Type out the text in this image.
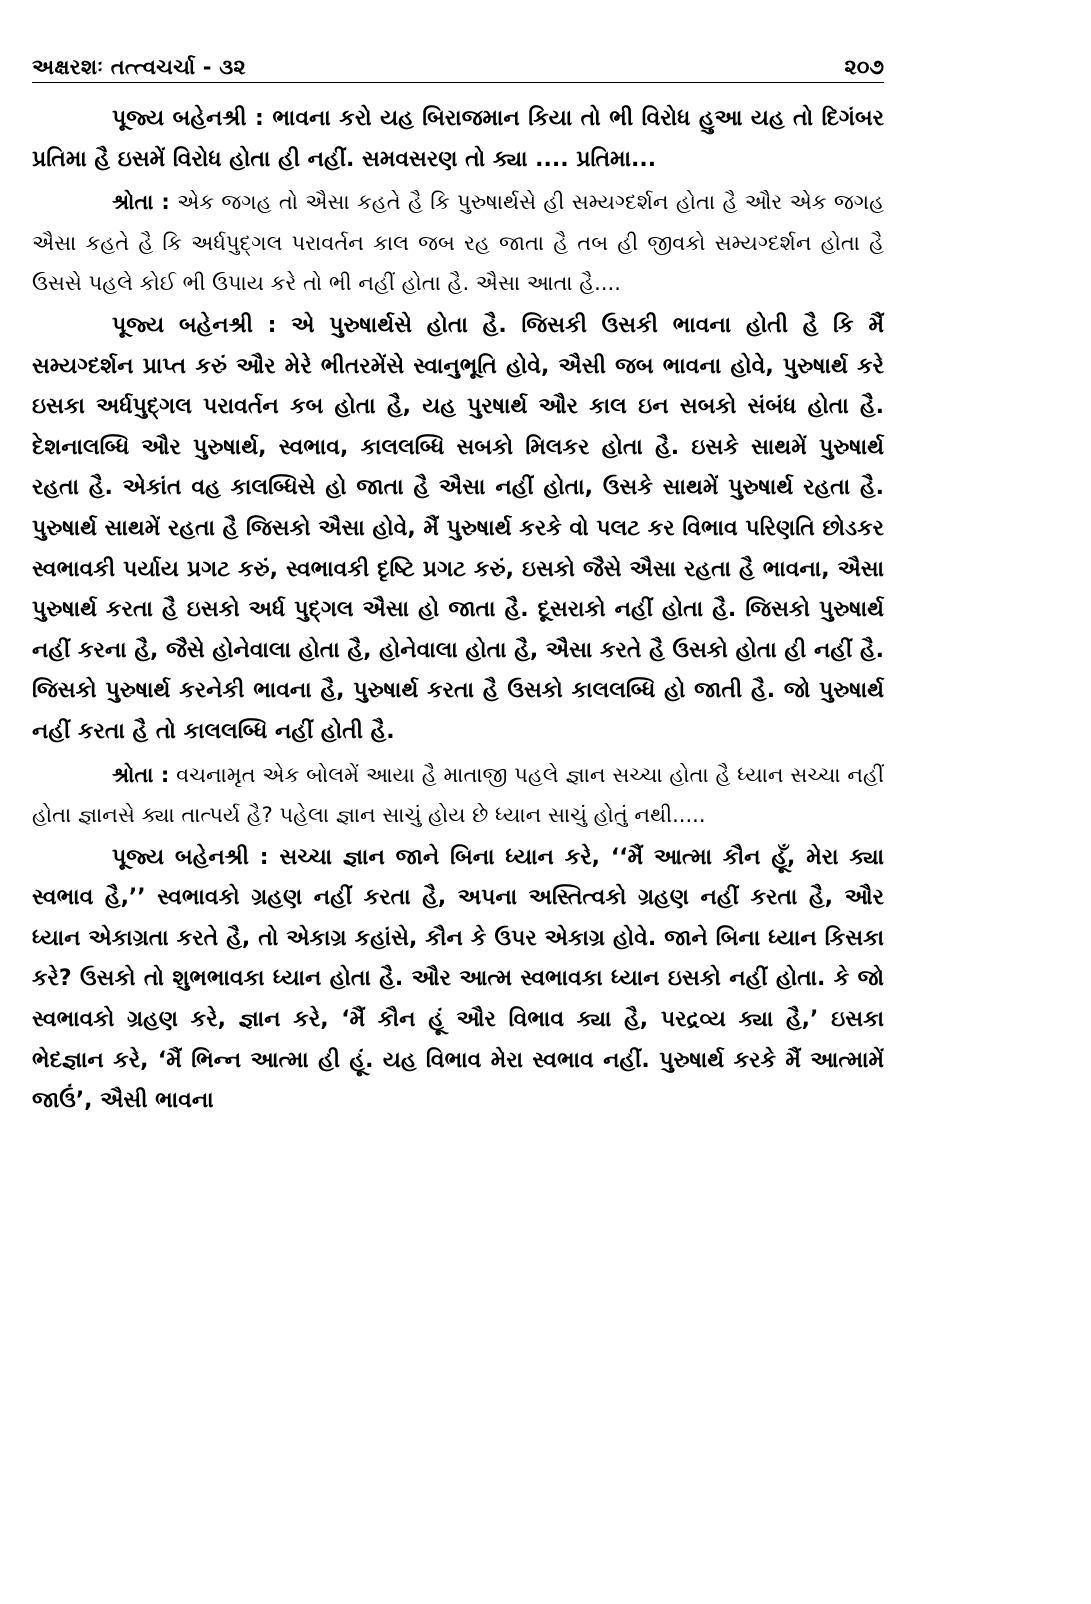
અક્ષરશઃ તત્ત્વચર્ચા - ૩૨	૨૦૭

પૂજ્ય બહેનશ્રી : ભાવના કરો યહ બિરાજમાન કિયા તો ભી વિરોધ હુઆ યહ તો દિગંબર પ્રતિમા હૈ ઇસમેં વિરોધ હોતા હી નહીં. સમવસરણ તો ક્યા .... પ્રતિમા...

શ્રોતા : એક જગહ તો ઐસા કહતે હૈ કિ પુરુષાર્થસે હી સમ્યગ્દર્શન હોતા હૈ ઔર એક જગહ ઐસા કહતે હૈ કિ અર્ધપુદ્ગલ પરાવર્તન કાલ જબ રહ જાતા હૈ તબ હી જીવકો સમ્યગ્દર્શન હોતા હૈ ઉસસે પહલે કોઈ ભી ઉપાય કરે તો ભી નહીં હોતા હૈ. ઐસા આતા હૈ....

પૂજ્ય બહેનશ્રી : એ પુરુષાર્થસે હોતા હૈ. જિસકી ઉસકી ભાવના હોતી હૈ કિ મૈં સમ્યગ્દર્શન પ્રાપ્ત કરું ઔર મેરે ભીતરમેંસે સ્વાનુભૂતિ હોવે, ઐસી જબ ભાવના હોવે, પુરુષાર્થ કરે ઇસકા અર્ધપુદ્ગલ પરાવર્તન કબ હોતા હૈ, યહ પુરષાર્થ ઔર કાલ ઇન સબકો સંબંધ હોતા હૈ. દેશનાલબ્ધિ ઔર પુરુષાર્થ, સ્વભાવ, કાલલબ્ધિ સબકો મિલકર હોતા હૈ. ઇસકે સાથમેં પુરુષાર્થ રહતા હૈ. એકાંત વહ કાલબ્ધિસે હો જાતા હૈ ઐસા નહીં હોતા, ઉસકે સાથમેં પુરુષાર્થ રહતા હૈ. પુરુષાર્થ સાથમેં રહતા હૈ જિસકો ઐસા હોવે, મૈં પુરુષાર્થ કરકે વો પલટ કર વિભાવ પરિણતિ છોડકર સ્વભાવકી પર્યાય પ્રગટ કરું, સ્વભાવકી દૃષ્ટિ પ્રગટ કરું, ઇસકો જૈસે ઐસા રહતા હૈ ભાવના, ઐસા પુરુષાર્થ કરતા હૈ ઇસકો અર્ધ પુદ્ગલ ઐસા હો જાતા હૈ. દૂસરાકો નહીં હોતા હૈ. જિસકો પુરુષાર્થ નહીં કરના હૈ, જૈસે હોનેવાલા હોતા હૈ, હોનેવાલા હોતા હૈ, ઐસા કરતે હૈ ઉસકો હોતા હી નહીં હૈ. જિસકો પુરુષાર્થ કરનેકી ભાવના હૈ, પુરુષાર્થ કરતા હૈ ઉસકો કાલલબ્ધિ હો જાતી હૈ. જો પુરુષાર્થ નહીં કરતા હૈ તો કાલલબ્ધિ નહીં હોતી હૈ.

શ્રોતા : વચનામૃત એક બોલમેં આયા હૈ માતાજી પહલે જ્ઞાન સચ્ચા હોતા હૈ ધ્યાન સચ્ચા નહીં હોતા જ્ઞાનસે ક્યા તાત્પર્ય હૈ? પહેલા જ્ઞાન સાચું હોય છે ધ્યાન સાચું હોતું નથી.....

પૂજ્ય બહેનશ્રી : સચ્ચા જ્ઞાન જાને બિના ધ્યાન કરે, ‘‘મૈં આત્મા કૌન હૂઁ, મેરા ક્યા સ્વભાવ હૈ,’’ સ્વભાવકો ગ્રહણ નહીં કરતા હૈ, અપના અસ્તિત્વકો ગ્રહણ નહીં કરતા હૈ, ઔર ધ્યાન એકાગ્રતા કરતે હૈ, તો એકાગ્ર કહાંસે, કૌન કે ઉપર એકાગ્ર હોવે. જાને બિના ધ્યાન કિસકા કરે? ઉસકો તો શુભભાવકા ધ્યાન હોતા હૈ. ઔર આત્મ સ્વભાવકા ધ્યાન ઇસકો નહીં હોતા. કે જો સ્વભાવકો ગ્રહણ કરે, જ્ઞાન કરે, ‘મૈં કૌન હૂં ઔર વિભાવ ક્યા હૈ, પરદ્રવ્ય ક્યા હૈ,’ ઇસકા ભેદજ્ઞાન કરે, ‘મૈં ભિન્ન આત્મા હી હૂં. યહ વિભાવ મેરા સ્વભાવ નહીં. પુરુષાર્થ કરકે મૈં આત્મામેં જાઉં’, ઐસી ભાવના
